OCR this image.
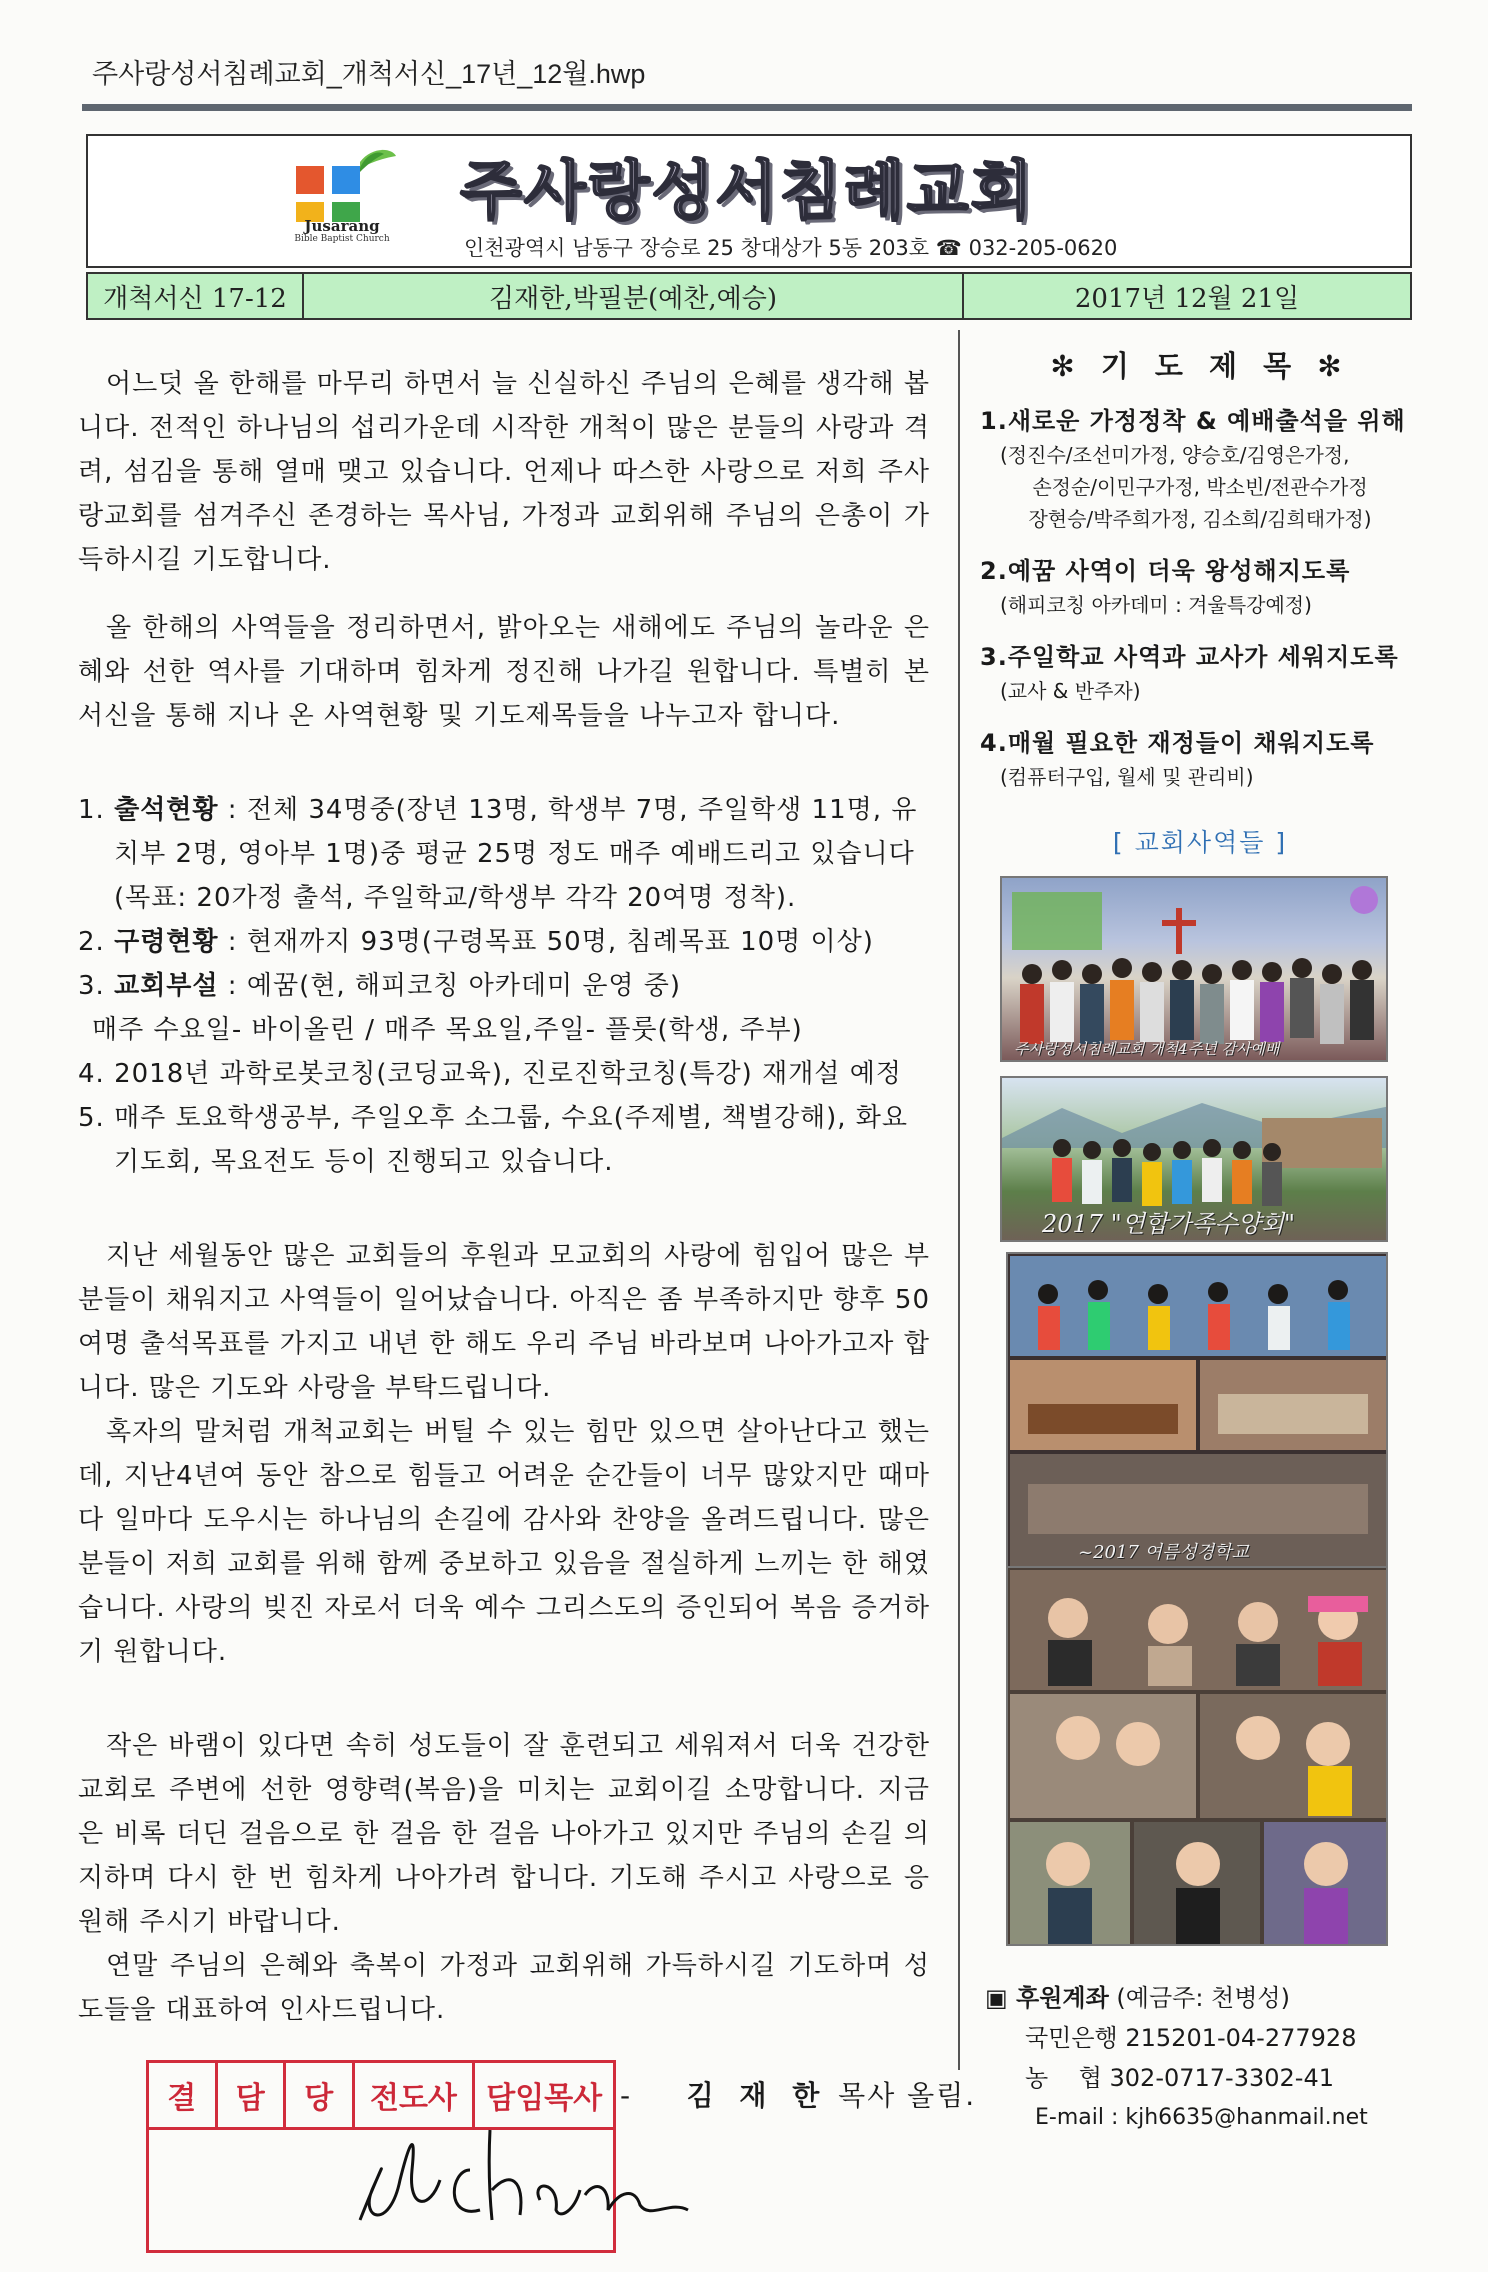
주사랑성서침례교회_개척서신_17년_12월.hwp
Jusarang
Bible Baptist Church
주사랑성서침례교회
인천광역시 남동구 장승로 25 창대상가 5동 203호 ☎ 032-205-0620
개척서신 17-12	김재한,박필분(예찬,예승)	2017년 12월 21일

어느덧 올 한해를 마무리 하면서 늘 신실하신 주님의 은혜를 생각해 봅니다. 전적인 하나님의 섭리가운데 시작한 개척이 많은 분들의 사랑과 격려, 섬김을 통해 열매 맺고 있습니다. 언제나 따스한 사랑으로 저희 주사랑교회를 섬겨주신 존경하는 목사님, 가정과 교회위해 주님의 은총이 가득하시길 기도합니다.

올 한해의 사역들을 정리하면서, 밝아오는 새해에도 주님의 놀라운 은혜와 선한 역사를 기대하며 힘차게 정진해 나가길 원합니다. 특별히 본 서신을 통해 지나 온 사역현황 및 기도제목들을 나누고자 합니다.

1. 출석현황 : 전체 34명중(장년 13명, 학생부 7명, 주일학생 11명, 유치부 2명, 영아부 1명)중 평균 25명 정도 매주 예배드리고 있습니다(목표: 20가정 출석, 주일학교/학생부 각각 20여명 정착).
2. 구령현황 : 현재까지 93명(구령목표 50명, 침례목표 10명 이상)
3. 교회부설 : 예꿈(현, 해피코칭 아카데미 운영 중)
매주 수요일- 바이올린 / 매주 목요일,주일- 플룻(학생, 주부)
4. 2018년 과학로봇코칭(코딩교육), 진로진학코칭(특강) 재개설 예정
5. 매주 토요학생공부, 주일오후 소그룹, 수요(주제별, 책별강해), 화요기도회, 목요전도 등이 진행되고 있습니다.

지난 세월동안 많은 교회들의 후원과 모교회의 사랑에 힘입어 많은 부분들이 채워지고 사역들이 일어났습니다. 아직은 좀 부족하지만 향후 50여명 출석목표를 가지고 내년 한 해도 우리 주님 바라보며 나아가고자 합니다. 많은 기도와 사랑을 부탁드립니다.

혹자의 말처럼 개척교회는 버틸 수 있는 힘만 있으면 살아난다고 했는데, 지난4년여 동안 참으로 힘들고 어려운 순간들이 너무 많았지만 때마다 일마다 도우시는 하나님의 손길에 감사와 찬양을 올려드립니다. 많은 분들이 저희 교회를 위해 함께 중보하고 있음을 절실하게 느끼는 한 해였습니다. 사랑의 빚진 자로서 더욱 예수 그리스도의 증인되어 복음 증거하기 원합니다.

작은 바램이 있다면 속히 성도들이 잘 훈련되고 세워져서 더욱 건강한 교회로 주변에 선한 영향력(복음)을 미치는 교회이길 소망합니다. 지금은 비록 더딘 걸음으로 한 걸음 한 걸음 나아가고 있지만 주님의 손길 의지하며 다시 한 번 힘차게 나아가려 합니다. 기도해 주시고 사랑으로 응원해 주시기 바랍니다.

연말 주님의 은혜와 축복이 가정과 교회위해 가득하시길 기도하며 성도들을 대표하여 인사드립니다.

결	담	당	전도사 담임목사 - 김 재 한 목사 올림.
✻ 기 도 제 목 ✻
1.새로운 가정정착 & 예배출석을 위해
(정진수/조선미가정, 양승호/김영은가정,
손정순/이민구가정, 박소빈/전관수가정
장현승/박주희가정, 김소희/김희태가정)
2.예꿈 사역이 더욱 왕성해지도록
(해피코칭 아카데미 : 겨울특강예정)
3.주일학교 사역과 교사가 세워지도록
(교사 & 반주자)
4.매월 필요한 재정들이 채워지도록
(컴퓨터구입, 월세 및 관리비)
[ 교회사역들 ]
주사랑성서침례교회 개척4주년 감사예배
2017 "연합가족수양회"
~2017 여름성경학교
▣ 후원계좌 (예금주: 천병성)
국민은행 215201-04-277928
농    협 302-0717-3302-41
E-mail : kjh6635@hanmail.net
